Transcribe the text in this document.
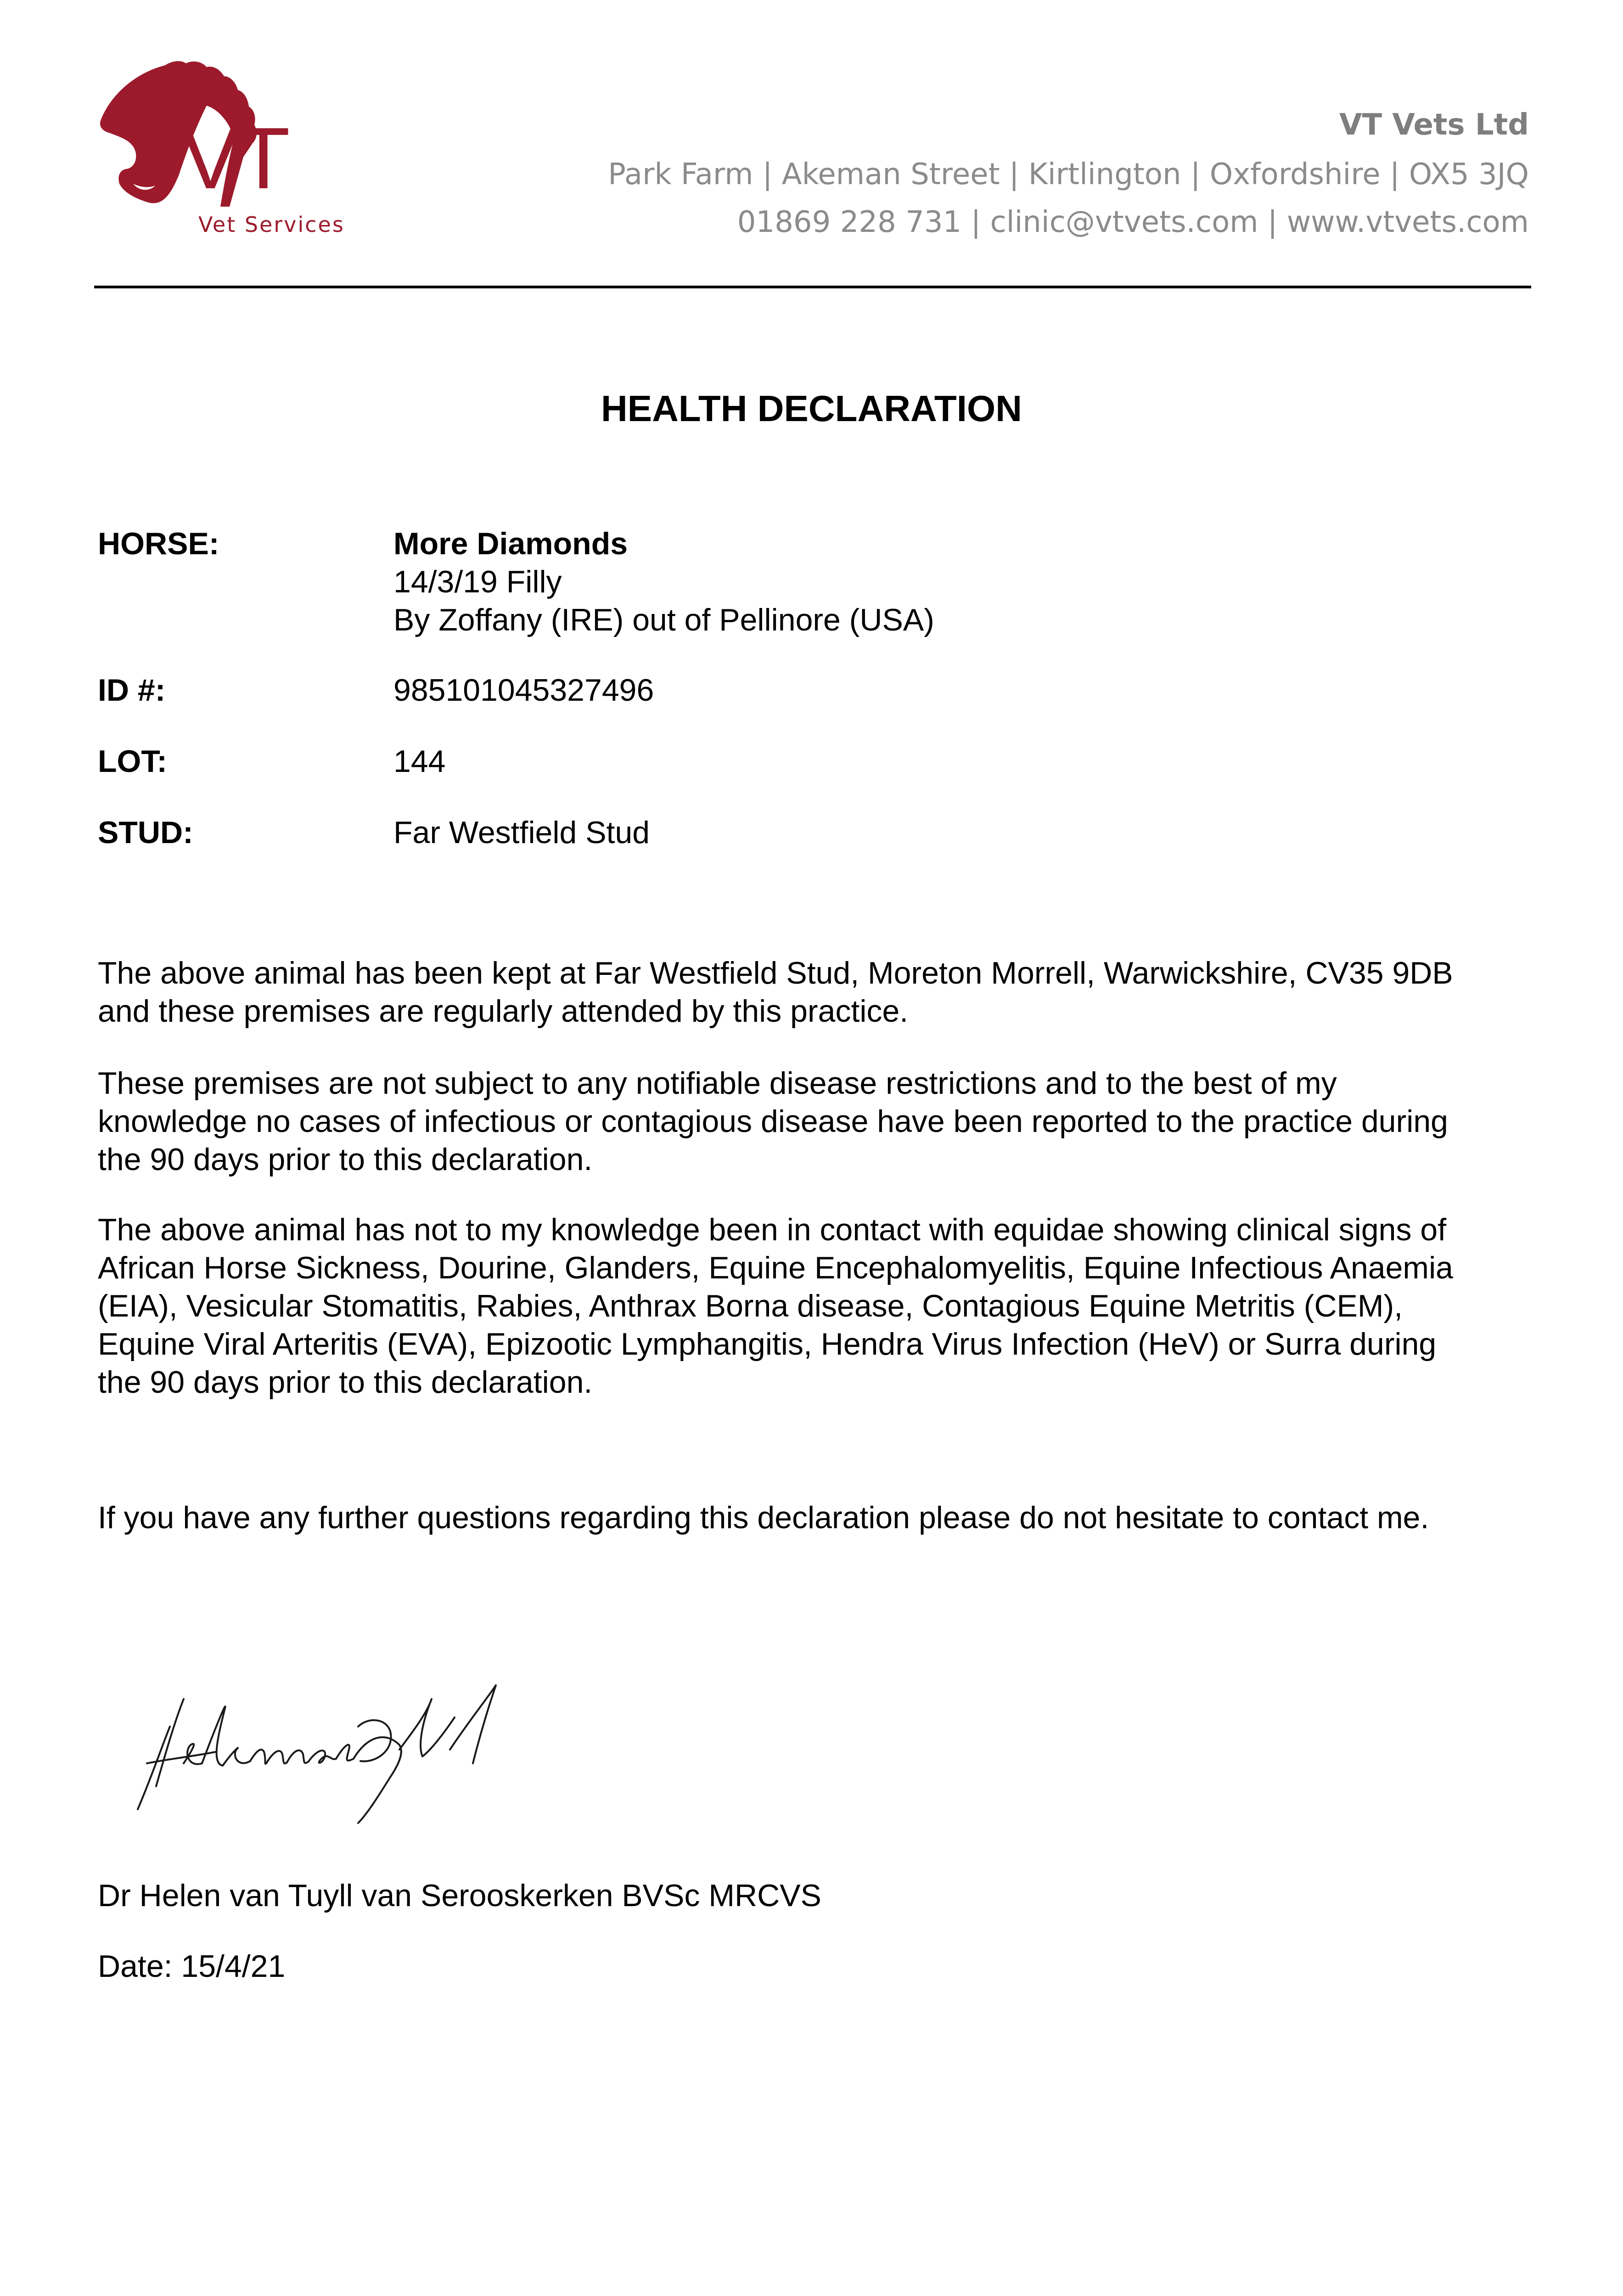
VT
Vet Services
VT Vets Ltd
Park Farm | Akeman Street | Kirtlington | Oxfordshire | OX5 3JQ
01869 228 731 | clinic@vtvets.com | www.vtvets.com
HEALTH DECLARATION
HORSE:	More Diamonds
14/3/19 Filly
By Zoffany (IRE) out of Pellinore (USA)
ID #:	985101045327496
LOT:	144
STUD:	Far Westfield Stud
The above animal has been kept at Far Westfield Stud, Moreton Morrell, Warwickshire, CV35 9DB
and these premises are regularly attended by this practice.
These premises are not subject to any notifiable disease restrictions and to the best of my
knowledge no cases of infectious or contagious disease have been reported to the practice during
the 90 days prior to this declaration.
The above animal has not to my knowledge been in contact with equidae showing clinical signs of
African Horse Sickness, Dourine, Glanders, Equine Encephalomyelitis, Equine Infectious Anaemia
(EIA), Vesicular Stomatitis, Rabies, Anthrax Borna disease, Contagious Equine Metritis (CEM),
Equine Viral Arteritis (EVA), Epizootic Lymphangitis, Hendra Virus Infection (HeV) or Surra during
the 90 days prior to this declaration.
If you have any further questions regarding this declaration please do not hesitate to contact me.
Dr Helen van Tuyll van Serooskerken BVSc MRCVS
Date: 15/4/21
